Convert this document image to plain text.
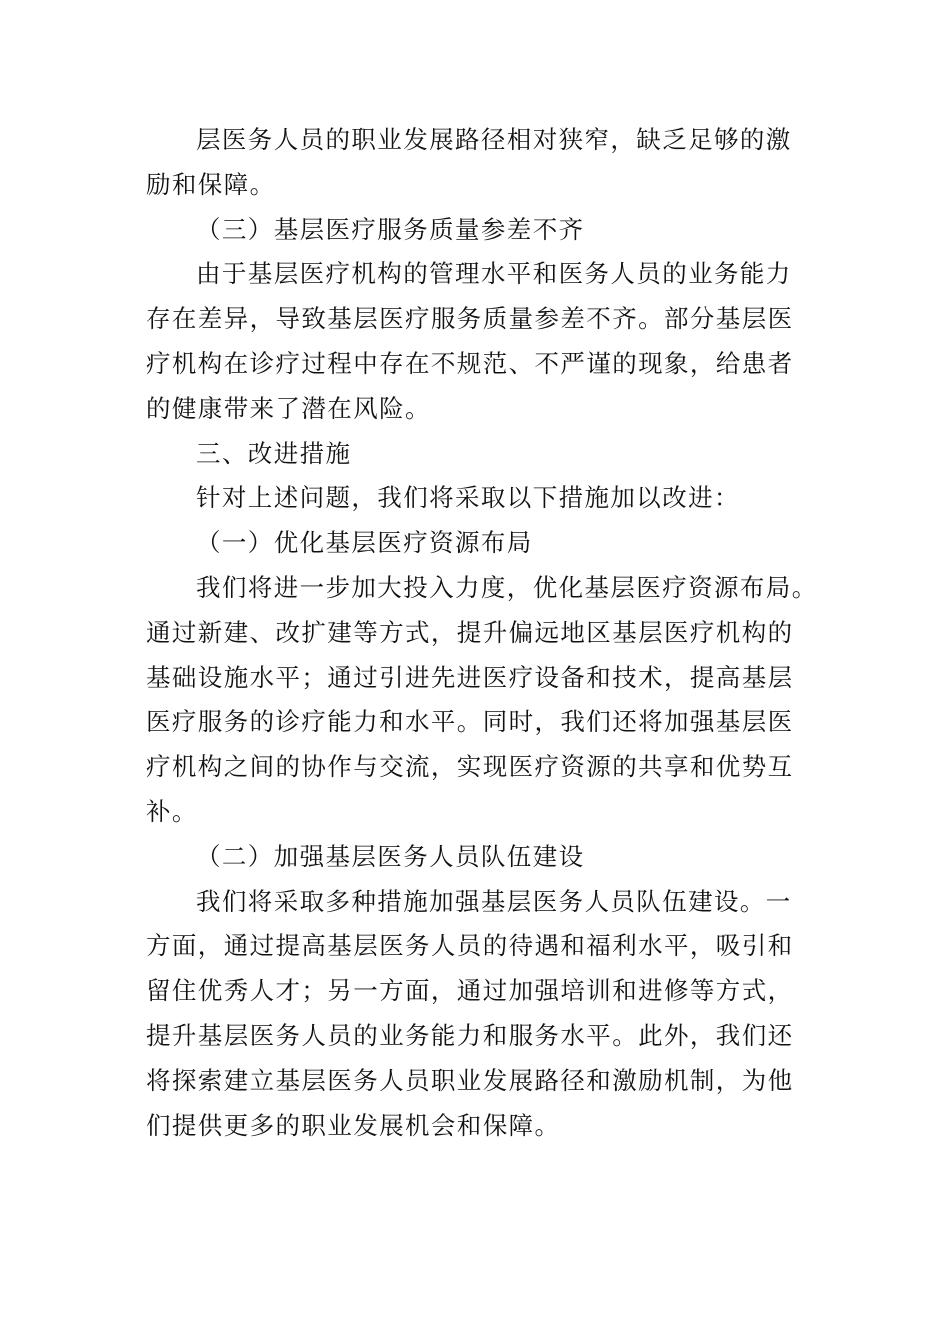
层医务人员的职业发展路径相对狭窄，缺乏足够的激
励和保障。
（三）基层医疗服务质量参差不齐
由于基层医疗机构的管理水平和医务人员的业务能力
存在差异，导致基层医疗服务质量参差不齐。部分基层医
疗机构在诊疗过程中存在不规范、不严谨的现象，给患者
的健康带来了潜在风险。
三、改进措施
针对上述问题，我们将采取以下措施加以改进：
（一）优化基层医疗资源布局
我们将进一步加大投入力度，优化基层医疗资源布局。
通过新建、改扩建等方式，提升偏远地区基层医疗机构的
基础设施水平；通过引进先进医疗设备和技术，提高基层
医疗服务的诊疗能力和水平。同时，我们还将加强基层医
疗机构之间的协作与交流，实现医疗资源的共享和优势互
补。
（二）加强基层医务人员队伍建设
我们将采取多种措施加强基层医务人员队伍建设。一
方面，通过提高基层医务人员的待遇和福利水平，吸引和
留住优秀人才；另一方面，通过加强培训和进修等方式，
提升基层医务人员的业务能力和服务水平。此外，我们还
将探索建立基层医务人员职业发展路径和激励机制，为他
们提供更多的职业发展机会和保障。
